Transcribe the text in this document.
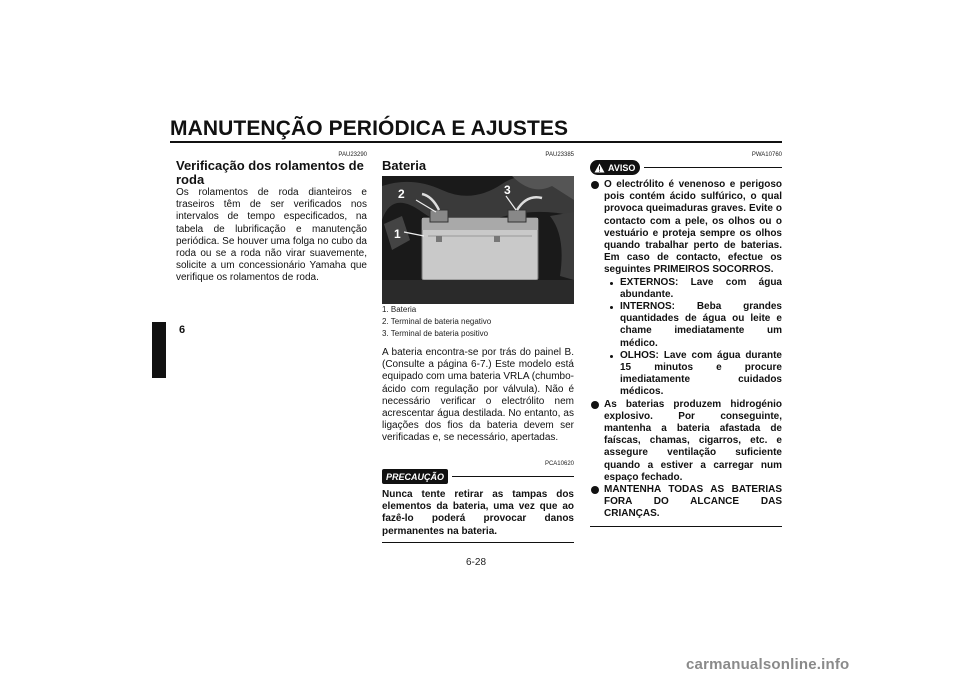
MANUTENÇÃO PERIÓDICA E AJUSTES
6
PAU23290
Verificação dos rolamentos de roda
Os rolamentos de roda dianteiros e traseiros têm de ser verificados nos intervalos de tempo especificados, na tabela de lubrificação e manutenção periódica. Se houver uma folga no cubo da roda ou se a roda não virar suavemente, solicite a um concessionário Yamaha que verifique os rolamentos de roda.
PAU23385
Bateria
1
2	3
1. Bateria
2. Terminal de bateria negativo
3. Terminal de bateria positivo
A bateria encontra-se por trás do painel B. (Consulte a página 6-7.) Este modelo está equipado com uma bateria VRLA (chumbo-ácido com regulação por válvula). Não é necessário verificar o electrólito nem acrescentar água destilada. No entanto, as ligações dos fios da bateria devem ser verificadas e, se necessário, apertadas.
PCA10620
PRECAUÇÃO
Nunca tente retirar as tampas dos elementos da bateria, uma vez que ao fazê-lo poderá provocar danos permanentes na bateria.
PWA10760
AVISO
O electrólito é venenoso e perigoso pois contém ácido sulfúrico, o qual provoca queimaduras graves. Evite o contacto com a pele, os olhos ou o vestuário e proteja sempre os olhos quando trabalhar perto de baterias. Em caso de contacto, efectue os seguintes PRIMEIROS SOCORROS.
EXTERNOS: Lave com água abundante.
INTERNOS: Beba grandes quantidades de água ou leite e chame imediatamente um médico.
OLHOS: Lave com água durante 15 minutos e procure imediatamente cuidados médicos.
As baterias produzem hidrogénio explosivo. Por conseguinte, mantenha a bateria afastada de faíscas, chamas, cigarros, etc. e assegure ventilação suficiente quando a estiver a carregar num espaço fechado.
MANTENHA TODAS AS BATERIAS FORA DO ALCANCE DAS CRIANÇAS.
6-28
carmanualsonline.info
